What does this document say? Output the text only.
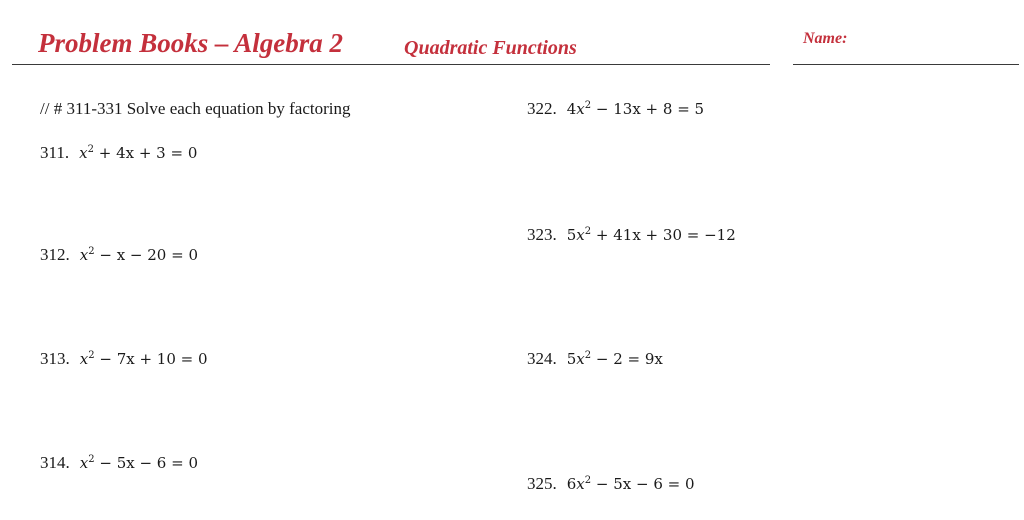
Problem Books – Algebra 2	Quadratic Functions	Name:
// # 311-331 Solve each equation by factoring
311. $x^2 + 4x + 3 = 0$
312. $x^2 - x - 20 = 0$
313. $x^2 - 7x + 10 = 0$
314. $x^2 - 5x - 6 = 0$
322. $4x^2 - 13x + 8 = 5$
323. $5x^2 + 41x + 30 = -12$
324. $5x^2 - 2 = 9x$
325. $6x^2 - 5x - 6 = 0$
